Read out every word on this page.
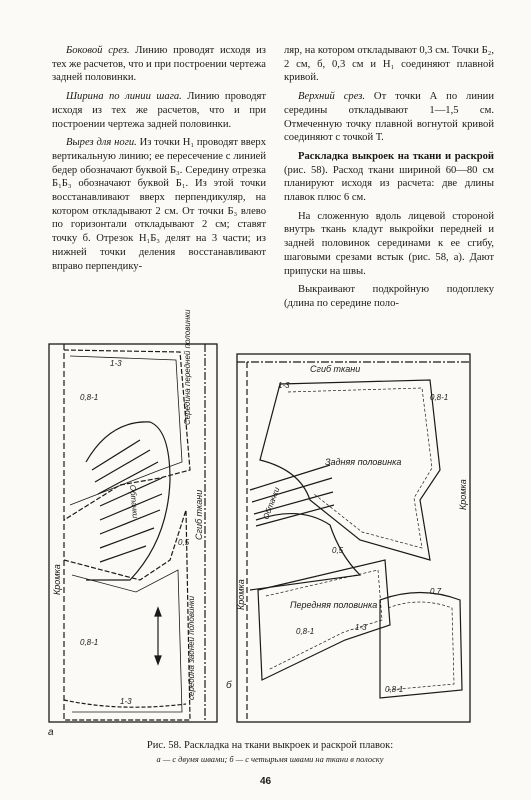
Боковой срез. Линию проводят исходя из тех же расчетов, что и при построении чертежа задней половинки.

Ширина по линии шага. Линию проводят исходя из тех же расчетов, что и при построении чертежа задней половинки.

Вырез для ноги. Из точки Н₁ проводят вверх вертикальную линию; ее пересечение с линией бедер обозначают буквой Б₃. Середину отрезка Б₁Б₃ обозначают буквой Б₁. Из этой точки восстанавливают вверх перпендикуляр, на котором откладывают 2 см. От точки Б₃ влево по горизонтали откладывают 2 см; ставят точку б. Отрезок Н₁Б₃ делят на 3 части; из нижней точки деления восстанавливают вправо перпендику-

ляр, на котором откладывают 0,3 см. Точки Б₂, 2 см, б, 0,3 см и Н₁ соединяют плавной кривой.

Верхний срез. От точки А по линии середины откладывают 1—1,5 см. Отмеченную точку плавной вогнутой кривой соединяют с точкой Т.

Раскладка выкроек на ткани и раскрой (рис. 58). Расход ткани шириной 60—80 см планируют исходя из расчета: две длины плавок плюс 6 см.

На сложенную вдоль лицевой стороной внутрь ткань кладут выкройки передней и задней половинок серединами к ее сгибу, шаговыми срезами встык (рис. 58, а). Дают припуски на швы.

Выкраивают подкройную подоплеку (длина по середине поло-

а
Кромка
Сгиб ткани
Середина передней половинки
середина задней половинки
Обтачки
1-3
0,8-1
0,5
0,8-1
1-3
б
Сгиб ткани
Кромка
Кромка
Задняя половинка
Передняя половинка
Обтачки
1-3
0,8-1
0,5
0,8-1	1-3
0,7
0,8-1
Рис. 58. Раскладка на ткани выкроек и раскрой плавок:
а — с двумя швами; б — с четырьмя швами на ткани в полоску
46
